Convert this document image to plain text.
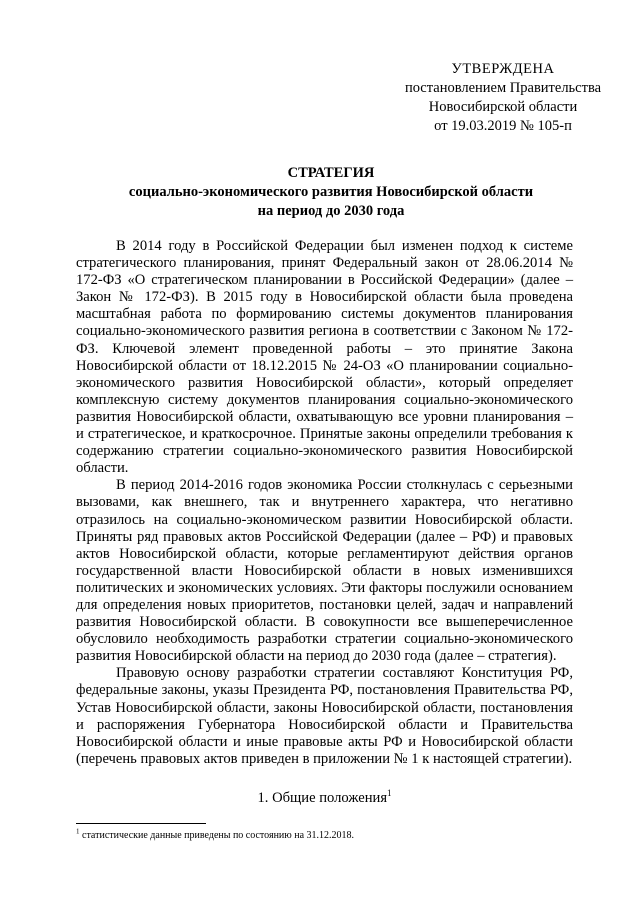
УТВЕРЖДЕНА
постановлением Правительства
Новосибирской области
от 19.03.2019 № 105-п
СТРАТЕГИЯ
социально-экономического развития Новосибирской области
на период до 2030 года

В 2014 году в Российской Федерации был изменен подход к системе стратегического планирования, принят Федеральный закон от 28.06.2014 № 172-ФЗ «О стратегическом планировании в Российской Федерации» (далее – Закон № 172-ФЗ). В 2015 году в Новосибирской области была проведена масштабная работа по формированию системы документов планирования социально-экономического развития региона в соответствии с Законом № 172-ФЗ. Ключевой элемент проведенной работы – это принятие Закона Новосибирской области от 18.12.2015 № 24-ОЗ «О планировании социально-экономического развития Новосибирской области», который определяет комплексную систему документов планирования социально-экономического развития Новосибирской области, охватывающую все уровни планирования – и стратегическое, и краткосрочное. Принятые законы определили требования к содержанию стратегии социально-экономического развития Новосибирской области.

В период 2014-2016 годов экономика России столкнулась с серьезными вызовами, как внешнего, так и внутреннего характера, что негативно отразилось на социально-экономическом развитии Новосибирской области. Приняты ряд правовых актов Российской Федерации (далее – РФ) и правовых актов Новосибирской области, которые регламентируют действия органов государственной власти Новосибирской области в новых изменившихся политических и экономических условиях. Эти факторы послужили основанием для определения новых приоритетов, постановки целей, задач и направлений развития Новосибирской области. В совокупности все вышеперечисленное обусловило необходимость разработки стратегии социально-экономического развития Новосибирской области на период до 2030 года (далее – стратегия).

Правовую основу разработки стратегии составляют Конституция РФ, федеральные законы, указы Президента РФ, постановления Правительства РФ, Устав Новосибирской области, законы Новосибирской области, постановления и распоряжения Губернатора Новосибирской области и Правительства Новосибирской области и иные правовые акты РФ и Новосибирской области (перечень правовых актов приведен в приложении № 1 к настоящей стратегии).

1. Общие положения$^1$
$^1$ статистические данные приведены по состоянию на 31.12.2018.
